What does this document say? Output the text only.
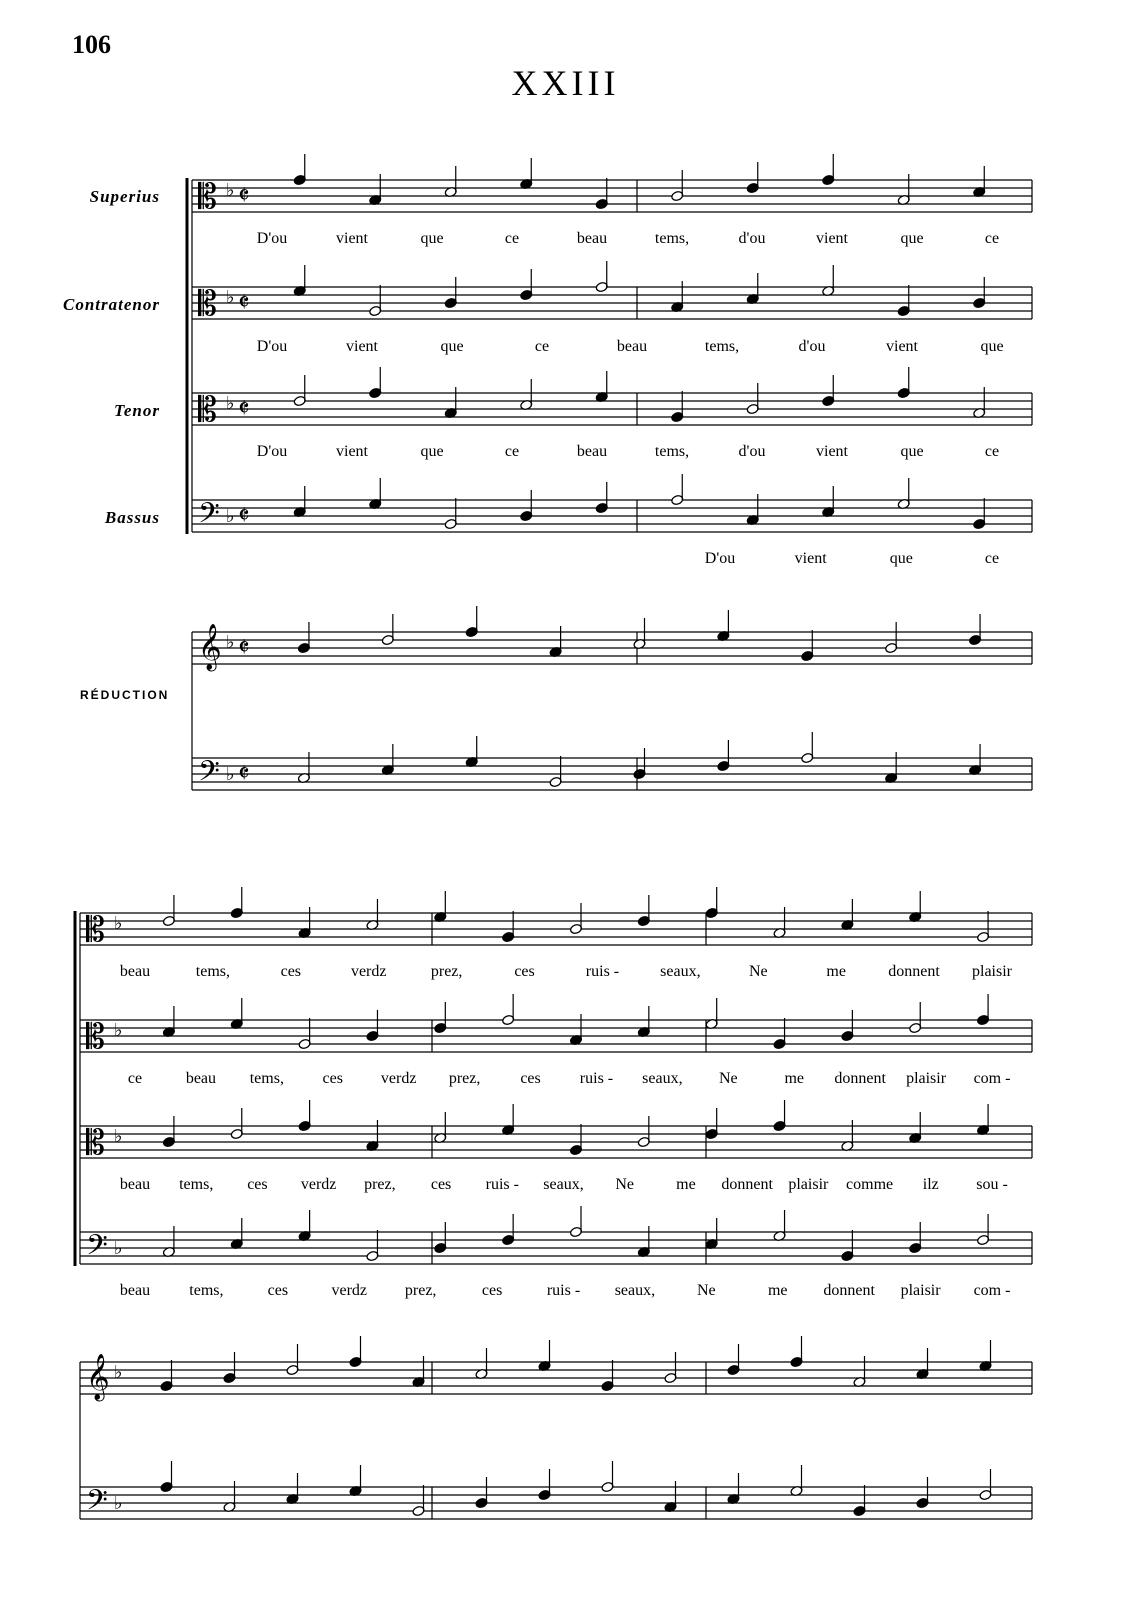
106
XXIII
Superius
Contratenor
Tenor
Bassus
RÉDUCTION
𝄡 ♭ 𝄵
𝄡 ♭ 𝄵
𝄡 ♭ 𝄵
𝄢 ♭ 𝄵
𝄞 ♭ 𝄵
𝄢 ♭ 𝄵
𝄡 ♭
𝄡 ♭
𝄡 ♭
𝄢 ♭
𝄞 ♭
𝄢 ♭
D'ou	vient	que	ce	beau	tems,	d'ou	vient	que	ce
D'ou	vient	que	ce	beau	tems,	d'ou	vient	que
D'ou	vient	que	ce	beau	tems,	d'ou	vient	que	ce
D'ou	vient	que	ce
beau	tems,	ces	verdz	prez,	ces	ruis -	seaux,	Ne	me	donnent plaisir
ce	beau tems, ces verdz prez, ces ruis - seaux, Ne	me donnent plaisir com -
beau tems, ces verdz prez, ces ruis - seaux, Ne	me donnent plaisir comme ilz sou -
beau tems,	ces	verdz prez,	ces	ruis - seaux,	Ne	me donnent plaisir com -
